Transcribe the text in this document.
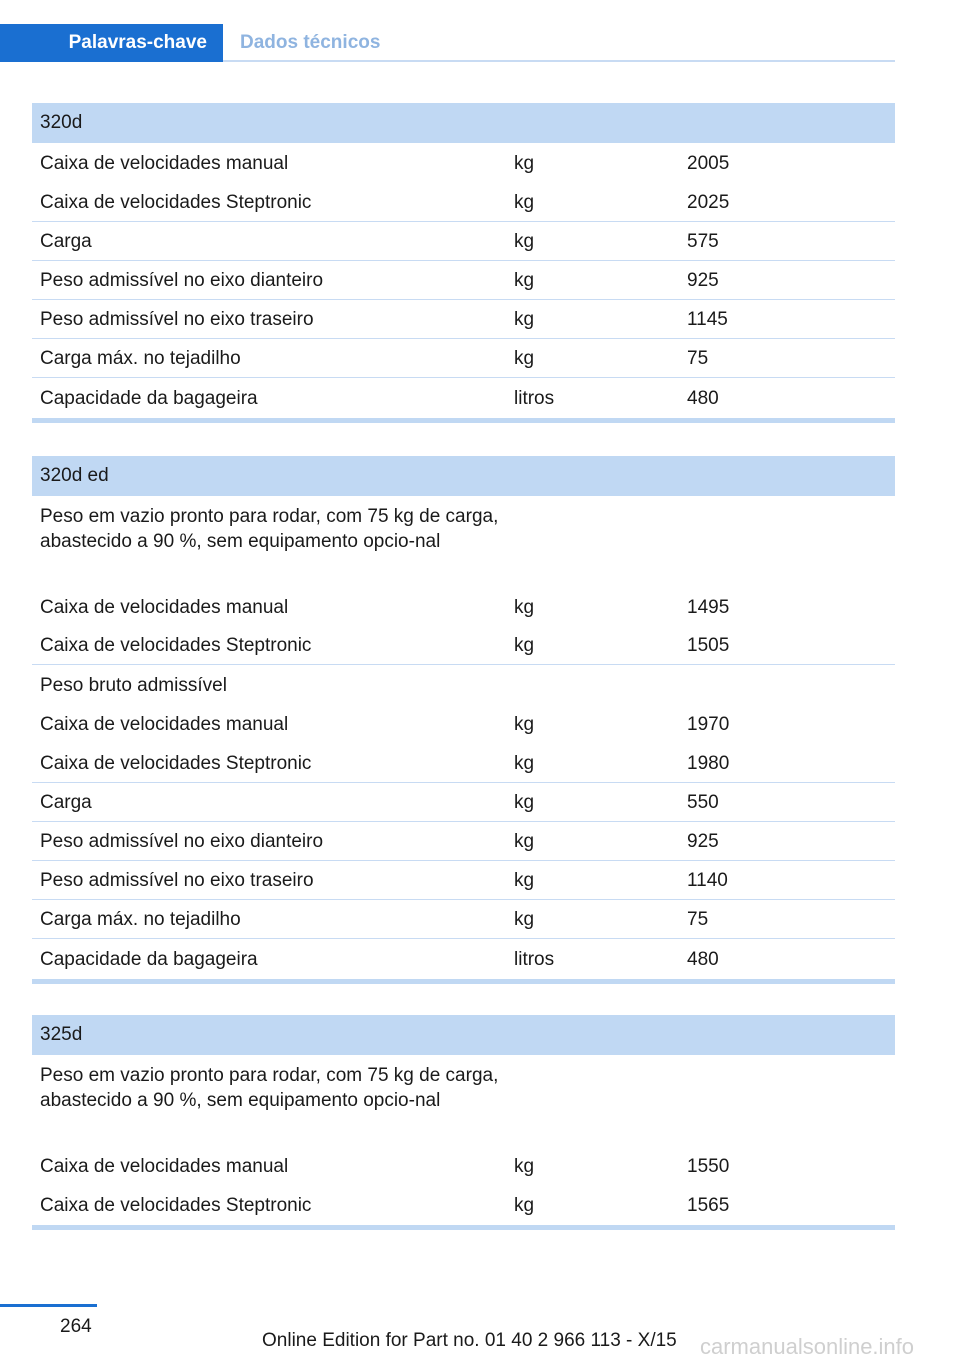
Palavras-chave	Dados técnicos
320d
Caixa de velocidades manual	kg	2005
Caixa de velocidades Steptronic	kg	2025
Carga	kg	575
Peso admissível no eixo dianteiro	kg	925
Peso admissível no eixo traseiro	kg	1145
Carga máx. no tejadilho	kg	75
Capacidade da bagageira	litros	480
320d ed
Peso em vazio pronto para rodar, com 75 kg de carga, abastecido a 90 %, sem equipamento opcio‐nal
Caixa de velocidades manual	kg	1495
Caixa de velocidades Steptronic	kg	1505
Peso bruto admissível
Caixa de velocidades manual	kg	1970
Caixa de velocidades Steptronic	kg	1980
Carga	kg	550
Peso admissível no eixo dianteiro	kg	925
Peso admissível no eixo traseiro	kg	1140
Carga máx. no tejadilho	kg	75
Capacidade da bagageira	litros	480
325d
Peso em vazio pronto para rodar, com 75 kg de carga, abastecido a 90 %, sem equipamento opcio‐nal
Caixa de velocidades manual	kg	1550
Caixa de velocidades Steptronic	kg	1565
264
Online Edition for Part no. 01 40 2 966 113 - X/15 carmanualsonline.info
